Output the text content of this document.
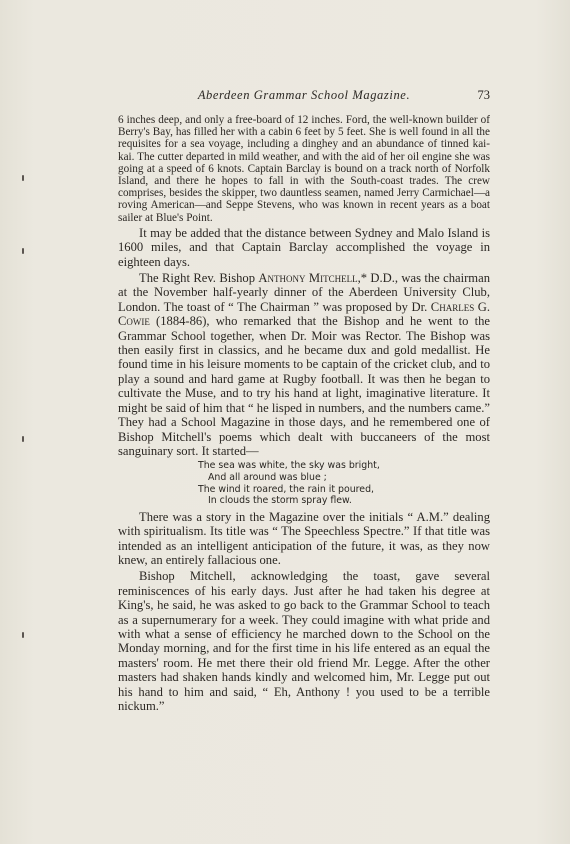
Aberdeen Grammar School Magazine.	73

6 inches deep, and only a free-board of 12 inches. Ford, the well-known builder of Berry's Bay, has filled her with a cabin 6 feet by 5 feet. She is well found in all the requisites for a sea voyage, including a dinghey and an abundance of tinned kai-kai. The cutter departed in mild weather, and with the aid of her oil engine she was going at a speed of 6 knots. Captain Barclay is bound on a track north of Norfolk Island, and there he hopes to fall in with the South-coast trades. The crew comprises, besides the skipper, two dauntless seamen, named Jerry Carmichael—a roving American—and Seppe Stevens, who was known in recent years as a boat sailer at Blue's Point.

It may be added that the distance between Sydney and Malo Island is 1600 miles, and that Captain Barclay accomplished the voyage in eighteen days.

The Right Rev. Bishop Anthony Mitchell,* D.D., was the chairman at the November half-yearly dinner of the Aberdeen University Club, London. The toast of “ The Chairman ” was proposed by Dr. Charles G. Cowie (1884-86), who remarked that the Bishop and he went to the Grammar School together, when Dr. Moir was Rector. The Bishop was then easily first in classics, and he became dux and gold medallist. He found time in his leisure moments to be captain of the cricket club, and to play a sound and hard game at Rugby football. It was then he began to cultivate the Muse, and to try his hand at light, imaginative literature. It might be said of him that “ he lisped in numbers, and the numbers came.” They had a School Magazine in those days, and he remembered one of Bishop Mitchell's poems which dealt with buccaneers of the most sanguinary sort. It started—

The sea was white, the sky was bright,
And all around was blue ;
The wind it roared, the rain it poured,
In clouds the storm spray flew.

There was a story in the Magazine over the initials “ A.M.” dealing with spiritualism. Its title was “ The Speechless Spectre.” If that title was intended as an intelligent anticipation of the future, it was, as they now knew, an entirely fallacious one.

Bishop Mitchell, acknowledging the toast, gave several reminiscences of his early days. Just after he had taken his degree at King's, he said, he was asked to go back to the Grammar School to teach as a supernumerary for a week. They could imagine with what pride and with what a sense of efficiency he marched down to the School on the Monday morning, and for the first time in his life entered as an equal the masters' room. He met there their old friend Mr. Legge. After the other masters had shaken hands kindly and welcomed him, Mr. Legge put out his hand to him and said, “ Eh, Anthony ! you used to be a terrible nickum.”
